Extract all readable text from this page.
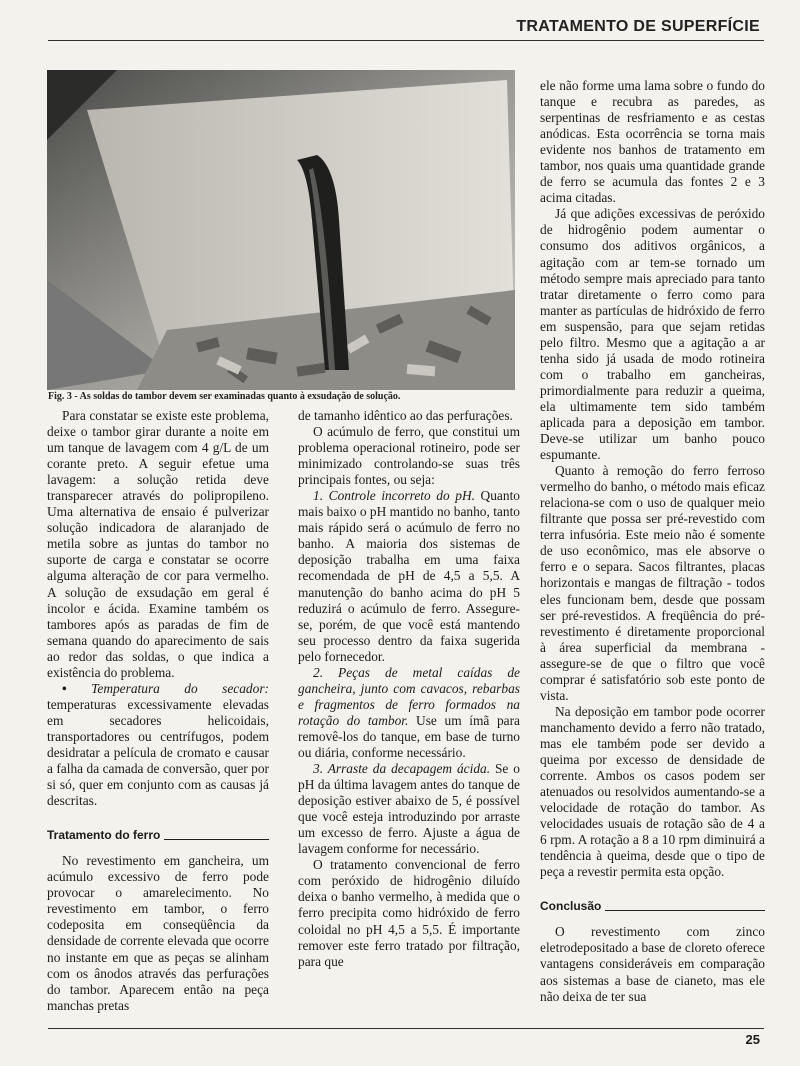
TRATAMENTO DE SUPERFÍCIE
Fig. 3 - As soldas do tambor devem ser examinadas quanto à exsudação de solução.

Para constatar se existe este problema, deixe o tambor girar durante a noite em um tanque de lavagem com 4 g/L de um corante preto. A seguir efetue uma lavagem: a solução retida deve transparecer através do polipropileno. Uma alternativa de ensaio é pulverizar solução indicadora de alaranjado de metila sobre as juntas do tambor no suporte de carga e constatar se ocorre alguma alteração de cor para vermelho. A solução de exsudação em geral é incolor e ácida. Examine também os tambores após as paradas de fim de semana quando do aparecimento de sais ao redor das soldas, o que indica a existência do problema.

• Temperatura do secador: temperaturas excessivamente elevadas em secadores helicoidais, transportadores ou centrífugos, podem desidratar a película de cromato e causar a falha da camada de conversão, quer por si só, quer em conjunto com as causas já descritas.

Tratamento do ferro

No revestimento em gancheira, um acúmulo excessivo de ferro pode provocar o amarelecimento. No revestimento em tambor, o ferro codeposita em conseqüência da densidade de corrente elevada que ocorre no instante em que as peças se alinham com os ânodos através das perfurações do tambor. Aparecem então na peça manchas pretas

de tamanho idêntico ao das perfurações.

O acúmulo de ferro, que constitui um problema operacional rotineiro, pode ser minimizado controlando-se suas três principais fontes, ou seja:

1. Controle incorreto do pH. Quanto mais baixo o pH mantido no banho, tanto mais rápido será o acúmulo de ferro no banho. A maioria dos sistemas de deposição trabalha em uma faixa recomendada de pH de 4,5 a 5,5. A manutenção do banho acima do pH 5 reduzirá o acúmulo de ferro. Assegure-se, porém, de que você está mantendo seu processo dentro da faixa sugerida pelo fornecedor.

2. Peças de metal caídas de gancheira, junto com cavacos, rebarbas e fragmentos de ferro formados na rotação do tambor. Use um ímã para removê-los do tanque, em base de turno ou diária, conforme necessário.

3. Arraste da decapagem ácida. Se o pH da última lavagem antes do tanque de deposição estiver abaixo de 5, é possível que você esteja introduzindo por arraste um excesso de ferro. Ajuste a água de lavagem conforme for necessário.

O tratamento convencional de ferro com peróxido de hidrogênio diluído deixa o banho vermelho, à medida que o ferro precipita como hidróxido de ferro coloidal no pH 4,5 a 5,5. É importante remover este ferro tratado por filtração, para que

ele não forme uma lama sobre o fundo do tanque e recubra as paredes, as serpentinas de resfriamento e as cestas anódicas. Esta ocorrência se torna mais evidente nos banhos de tratamento em tambor, nos quais uma quantidade grande de ferro se acumula das fontes 2 e 3 acima citadas.

Já que adições excessivas de peróxido de hidrogênio podem aumentar o consumo dos aditivos orgânicos, a agitação com ar tem-se tornado um método sempre mais apreciado para tanto tratar diretamente o ferro como para manter as partículas de hidróxido de ferro em suspensão, para que sejam retidas pelo filtro. Mesmo que a agitação a ar tenha sido já usada de modo rotineira com o trabalho em gancheiras, primordialmente para reduzir a queima, ela ultimamente tem sido também aplicada para a deposição em tambor. Deve-se utilizar um banho pouco espumante.

Quanto à remoção do ferro ferroso vermelho do banho, o método mais eficaz relaciona-se com o uso de qualquer meio filtrante que possa ser pré-revestido com terra infusória. Este meio não é somente de uso econômico, mas ele absorve o ferro e o separa. Sacos filtrantes, placas horizontais e mangas de filtração - todos eles funcionam bem, desde que possam ser pré-revestidos. A freqüência do pré-revestimento é diretamente proporcional à área superficial da membrana - assegure-se de que o filtro que você comprar é satisfatório sob este ponto de vista.

Na deposição em tambor pode ocorrer manchamento devido a ferro não tratado, mas ele também pode ser devido a queima por excesso de densidade de corrente. Ambos os casos podem ser atenuados ou resolvidos aumentando-se a velocidade de rotação do tambor. As velocidades usuais de rotação são de 4 a 6 rpm. A rotação a 8 a 10 rpm diminuirá a tendência à queima, desde que o tipo de peça a revestir permita esta opção.

Conclusão

O revestimento com zinco eletrodepositado a base de cloreto oferece vantagens consideráveis em comparação aos sistemas a base de cianeto, mas ele não deixa de ter sua

25
